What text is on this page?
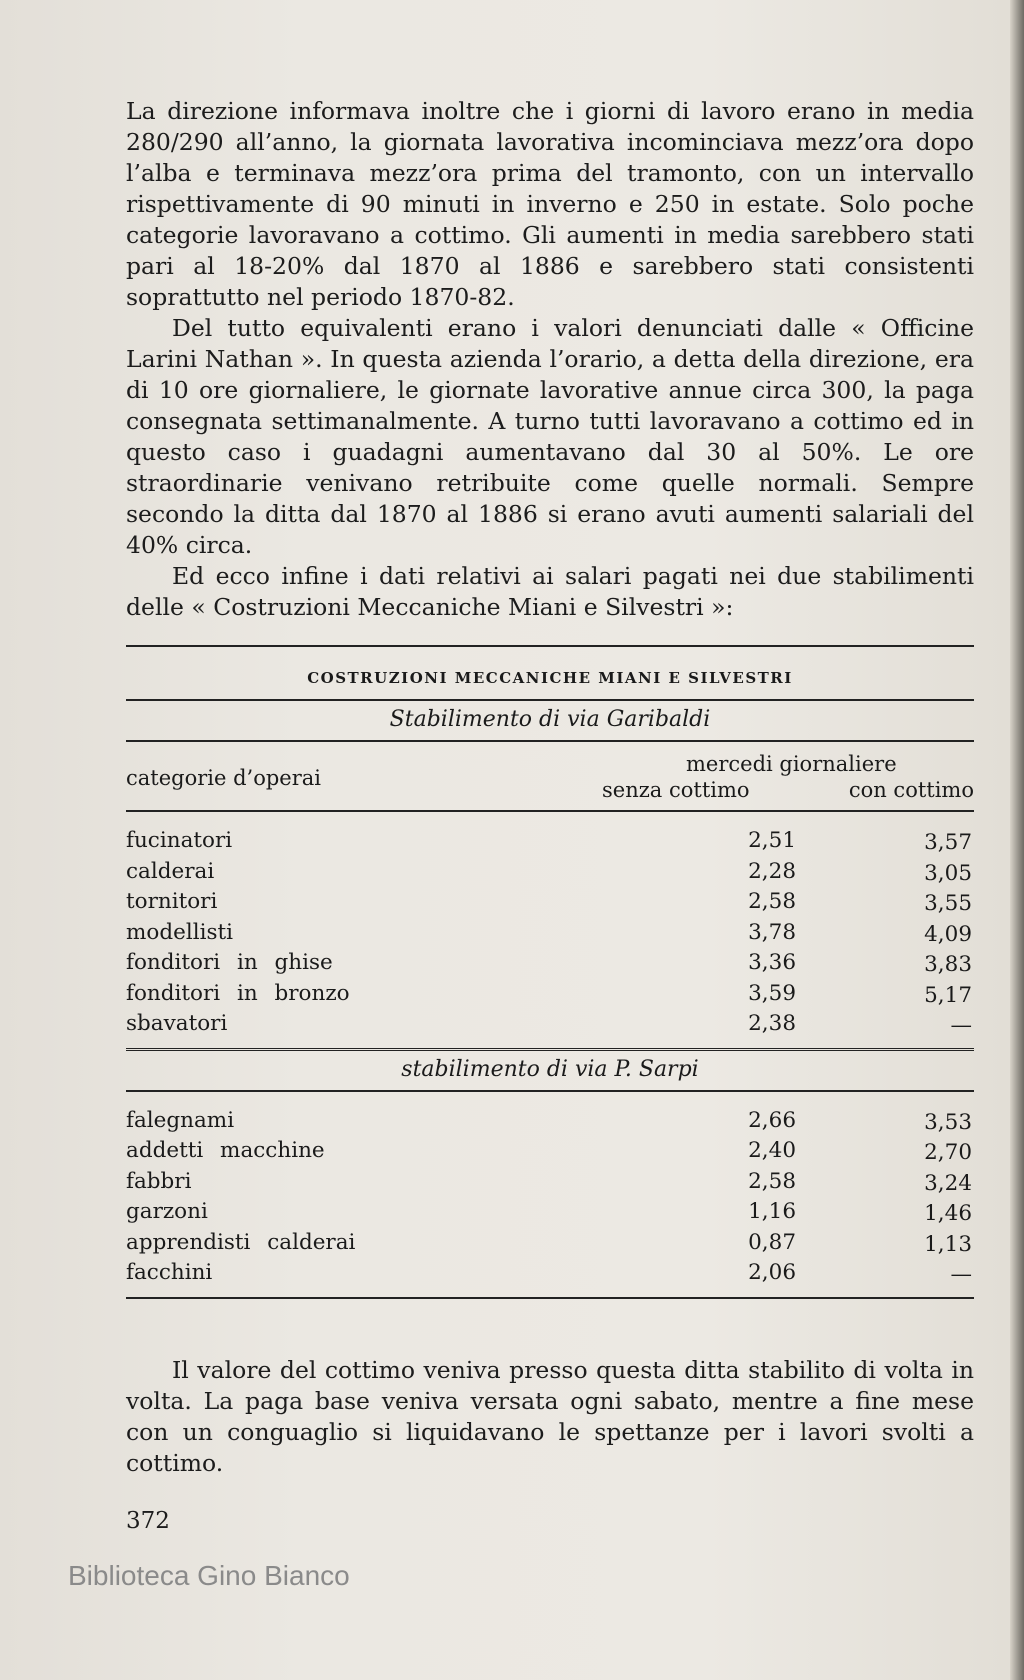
La direzione informava inoltre che i giorni di lavoro erano in media 280/290 all’anno, la giornata lavorativa incominciava mezz’ora dopo l’alba e terminava mezz’ora prima del tramonto, con un intervallo rispettivamente di 90 minuti in inverno e 250 in estate. Solo poche categorie lavoravano a cottimo. Gli aumenti in media sarebbero stati pari al 18-20% dal 1870 al 1886 e sarebbero stati consistenti soprattutto nel periodo 1870-82.

Del tutto equivalenti erano i valori denunciati dalle « Officine Larini Nathan ». In questa azienda l’orario, a detta della direzione, era di 10 ore giornaliere, le giornate lavorative annue circa 300, la paga consegnata settimanalmente. A turno tutti lavoravano a cottimo ed in questo caso i guadagni aumentavano dal 30 al 50%. Le ore straordinarie venivano retribuite come quelle normali. Sempre secondo la ditta dal 1870 al 1886 si erano avuti aumenti salariali del 40% circa.

Ed ecco infine i dati relativi ai salari pagati nei due stabilimenti delle « Costruzioni Meccaniche Miani e Silvestri »:

COSTRUZIONI MECCANICHE MIANI E SILVESTRI
Stabilimento di via Garibaldi
categorie d’operai
mercedi giornaliere
senza cottimo	con cottimo
fucinatori	2,51	3,57
calderai	2,28	3,05
tornitori	2,58	3,55
modellisti	3,78	4,09
fonditori in ghise	3,36	3,83
fonditori in bronzo	3,59	5,17
sbavatori	2,38	—
stabilimento di via P. Sarpi
falegnami	2,66	3,53
addetti macchine	2,40	2,70
fabbri	2,58	3,24
garzoni	1,16	1,46
apprendisti calderai	0,87	1,13
facchini	2,06	—

Il valore del cottimo veniva presso questa ditta stabilito di volta in volta. La paga base veniva versata ogni sabato, mentre a fine mese con un conguaglio si liquidavano le spettanze per i lavori svolti a cottimo.

372
Biblioteca Gino Bianco
